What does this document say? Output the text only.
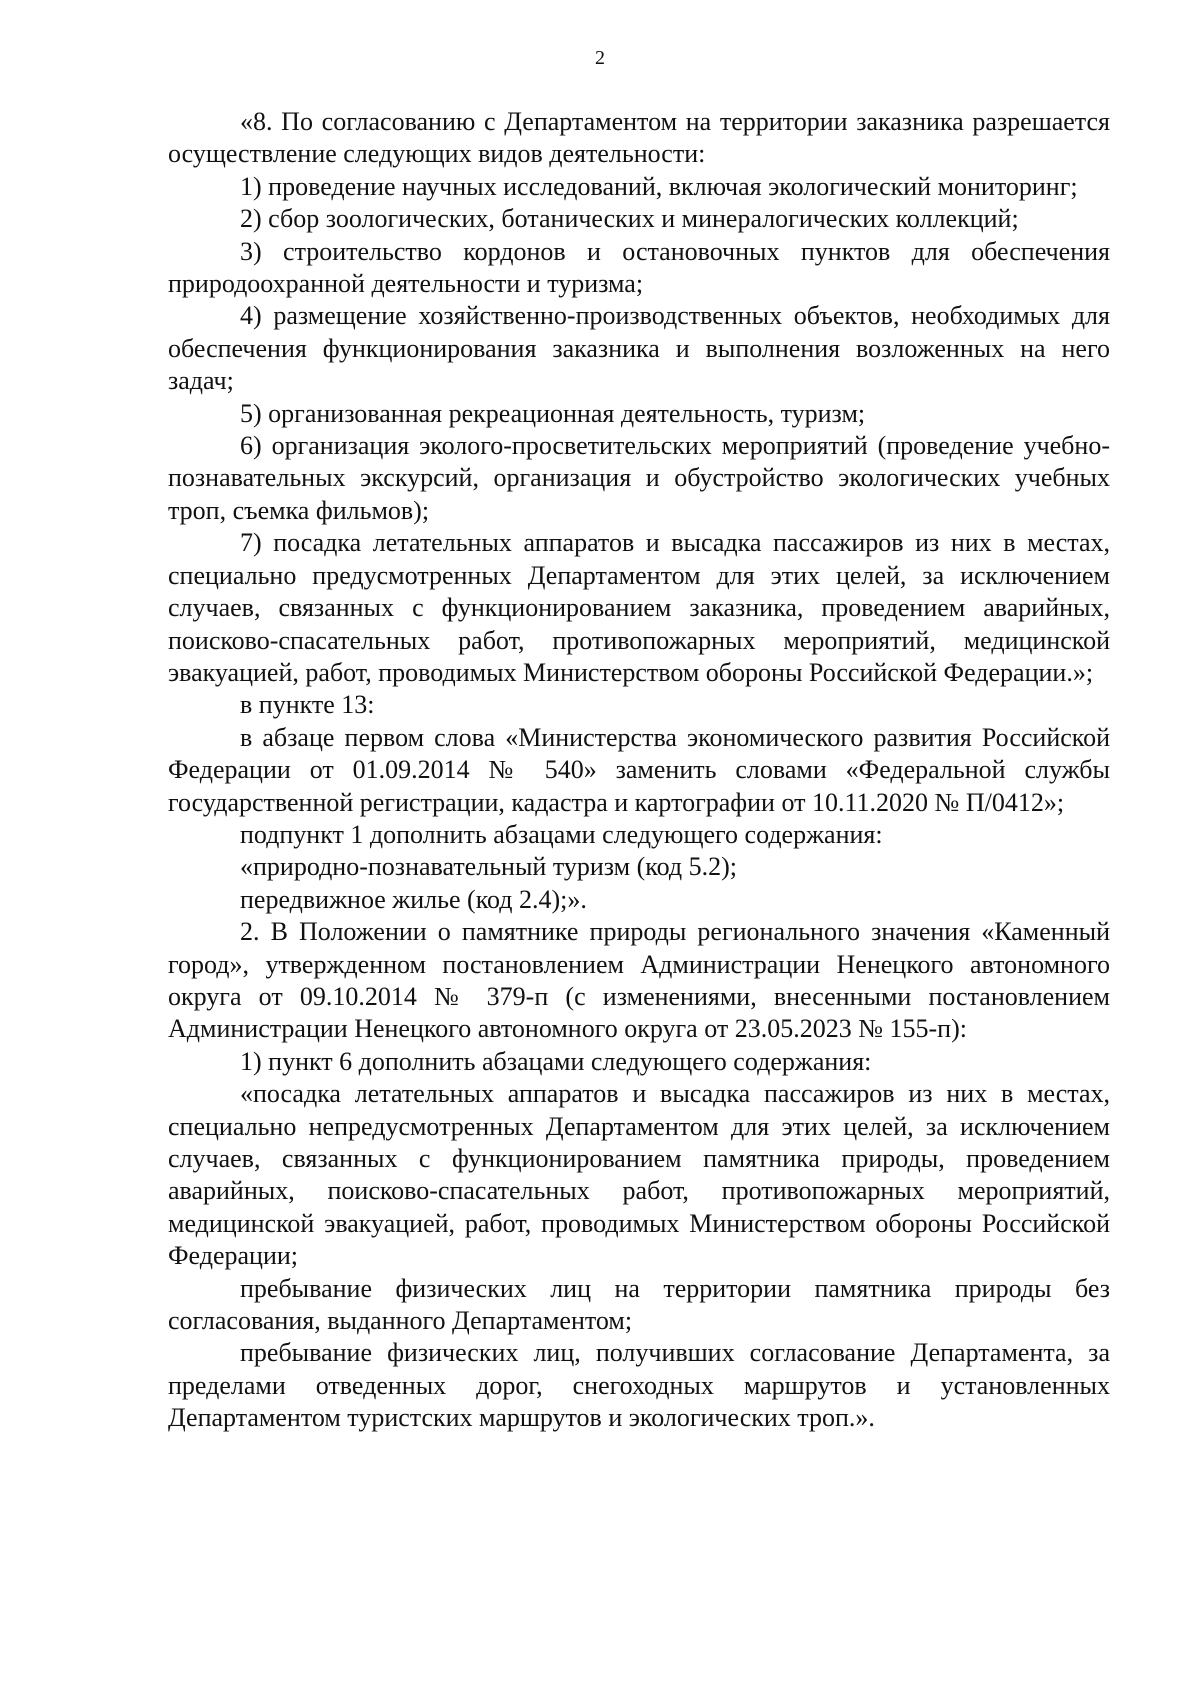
2

«8. По согласованию с Департаментом на территории заказника разрешается осуществление следующих видов деятельности:

1) проведение научных исследований, включая экологический мониторинг;

2) сбор зоологических, ботанических и минералогических коллекций;

3) строительство кордонов и остановочных пунктов для обеспечения природоохранной деятельности и туризма;

4) размещение хозяйственно-производственных объектов, необходимых для обеспечения функционирования заказника и выполнения возложенных на него задач;

5) организованная рекреационная деятельность, туризм;

6) организация эколого-просветительских мероприятий (проведение учебно-познавательных экскурсий, организация и обустройство экологических учебных троп, съемка фильмов);

7) посадка летательных аппаратов и высадка пассажиров из них в местах, специально предусмотренных Департаментом для этих целей, за исключением случаев, связанных с функционированием заказника, проведением аварийных, поисково-спасательных работ, противопожарных мероприятий, медицинской эвакуацией, работ, проводимых Министерством обороны Российской Федерации.»;

в пункте 13:

в абзаце первом слова «Министерства экономического развития Российской Федерации от 01.09.2014 № 540» заменить словами «Федеральной службы государственной регистрации, кадастра и картографии от 10.11.2020 № П/0412»;

подпункт 1 дополнить абзацами следующего содержания:

«природно-познавательный туризм (код 5.2);

передвижное жилье (код 2.4);».

2. В Положении о памятнике природы регионального значения «Каменный город», утвержденном постановлением Администрации Ненецкого автономного округа от 09.10.2014 № 379-п (с изменениями, внесенными постановлением Администрации Ненецкого автономного округа от 23.05.2023 № 155-п):

1) пункт 6 дополнить абзацами следующего содержания:

«посадка летательных аппаратов и высадка пассажиров из них в местах, специально непредусмотренных Департаментом для этих целей, за исключением случаев, связанных с функционированием памятника природы, проведением аварийных, поисково-спасательных работ, противопожарных мероприятий, медицинской эвакуацией, работ, проводимых Министерством обороны Российской Федерации;

пребывание физических лиц на территории памятника природы без согласования, выданного Департаментом;

пребывание физических лиц, получивших согласование Департамента, за пределами отведенных дорог, снегоходных маршрутов и установленных Департаментом туристских маршрутов и экологических троп.».
